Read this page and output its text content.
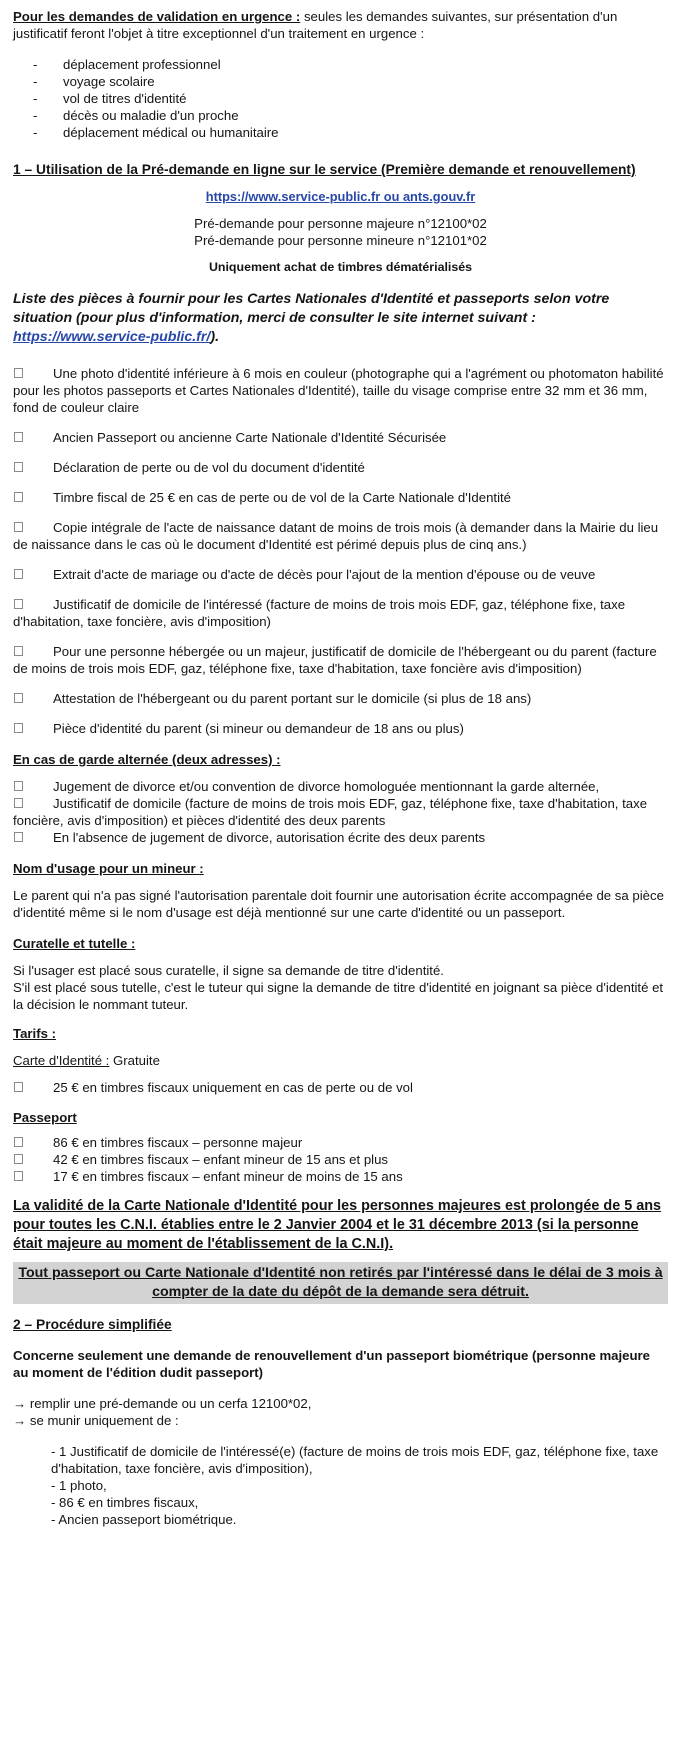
Pour les demandes de validation en urgence : seules les demandes suivantes, sur présentation d'un justificatif feront l'objet à titre exceptionnel d'un traitement en urgence :

- déplacement professionnel
- voyage scolaire
- vol de titres d'identité
- décès ou maladie d'un proche
- déplacement médical ou humanitaire

1 – Utilisation de la Pré-demande en ligne sur le service (Première demande et renouvellement)

https://www.service-public.fr ou ants.gouv.fr

Pré-demande pour personne majeure n°12100*02

Pré-demande pour personne mineure n°12101*02

Uniquement achat de timbres dématérialisés

Liste des pièces à fournir pour les Cartes Nationales d'Identité et passeports selon votre situation (pour plus d'information, merci de consulter le site internet suivant : https://www.service-public.fr/).

Une photo d'identité inférieure à 6 mois en couleur (photographe qui a l'agrément ou photomaton habilité pour les photos passeports et Cartes Nationales d'Identité), taille du visage comprise entre 32 mm et 36 mm, fond de couleur claire

Ancien Passeport ou ancienne Carte Nationale d'Identité Sécurisée

Déclaration de perte ou de vol du document d'identité

Timbre fiscal de 25 € en cas de perte ou de vol de la Carte Nationale d'Identité

Copie intégrale de l'acte de naissance datant de moins de trois mois (à demander dans la Mairie du lieu de naissance dans le cas où le document d'Identité est périmé depuis plus de cinq ans.)

Extrait d'acte de mariage ou d'acte de décès pour l'ajout de la mention d'épouse ou de veuve

Justificatif de domicile de l'intéressé (facture de moins de trois mois EDF, gaz, téléphone fixe, taxe d'habitation, taxe foncière, avis d'imposition)

Pour une personne hébergée ou un majeur, justificatif de domicile de l'hébergeant ou du parent (facture de moins de trois mois EDF, gaz, téléphone fixe, taxe d'habitation, taxe foncière avis d'imposition)

Attestation de l'hébergeant ou du parent portant sur le domicile (si plus de 18 ans)

Pièce d'identité du parent (si mineur ou demandeur de 18 ans ou plus)

En cas de garde alternée (deux adresses) :

Jugement de divorce et/ou convention de divorce homologuée mentionnant la garde alternée,

Justificatif de domicile (facture de moins de trois mois EDF, gaz, téléphone fixe, taxe d'habitation, taxe foncière, avis d'imposition) et pièces d'identité des deux parents

En l'absence de jugement de divorce, autorisation écrite des deux parents

Nom d'usage pour un mineur :

Le parent qui n'a pas signé l'autorisation parentale doit fournir une autorisation écrite accompagnée de sa pièce d'identité même si le nom d'usage est déjà mentionné sur une carte d'identité ou un passeport.

Curatelle et tutelle :

Si l'usager est placé sous curatelle, il signe sa demande de titre d'identité.

S'il est placé sous tutelle, c'est le tuteur qui signe la demande de titre d'identité en joignant sa pièce d'identité et la décision le nommant tuteur.

Tarifs :

Carte d'Identité : Gratuite

25 € en timbres fiscaux uniquement en cas de perte ou de vol

Passeport

86 € en timbres fiscaux – personne majeur

42 € en timbres fiscaux – enfant mineur de 15 ans et plus

17 € en timbres fiscaux – enfant mineur de moins de 15 ans

La validité de la Carte Nationale d'Identité pour les personnes majeures est prolongée de 5 ans pour toutes les C.N.I. établies entre le 2 Janvier 2004 et le 31 décembre 2013 (si la personne était majeure au moment de l'établissement de la C.N.I).

Tout passeport ou Carte Nationale d'Identité non retirés par l'intéressé dans le délai de 3 mois à compter de la date du dépôt de la demande sera détruit.

2 – Procédure simplifiée

Concerne seulement une demande de renouvellement d'un passeport biométrique (personne majeure au moment de l'édition dudit passeport)

→ remplir une pré-demande ou un cerfa 12100*02,

→ se munir uniquement de :

- 1 Justificatif de domicile de l'intéressé(e) (facture de moins de trois mois EDF, gaz, téléphone fixe, taxe d'habitation, taxe foncière, avis d'imposition),
- 1 photo,
- 86 € en timbres fiscaux,
- Ancien passeport biométrique.
